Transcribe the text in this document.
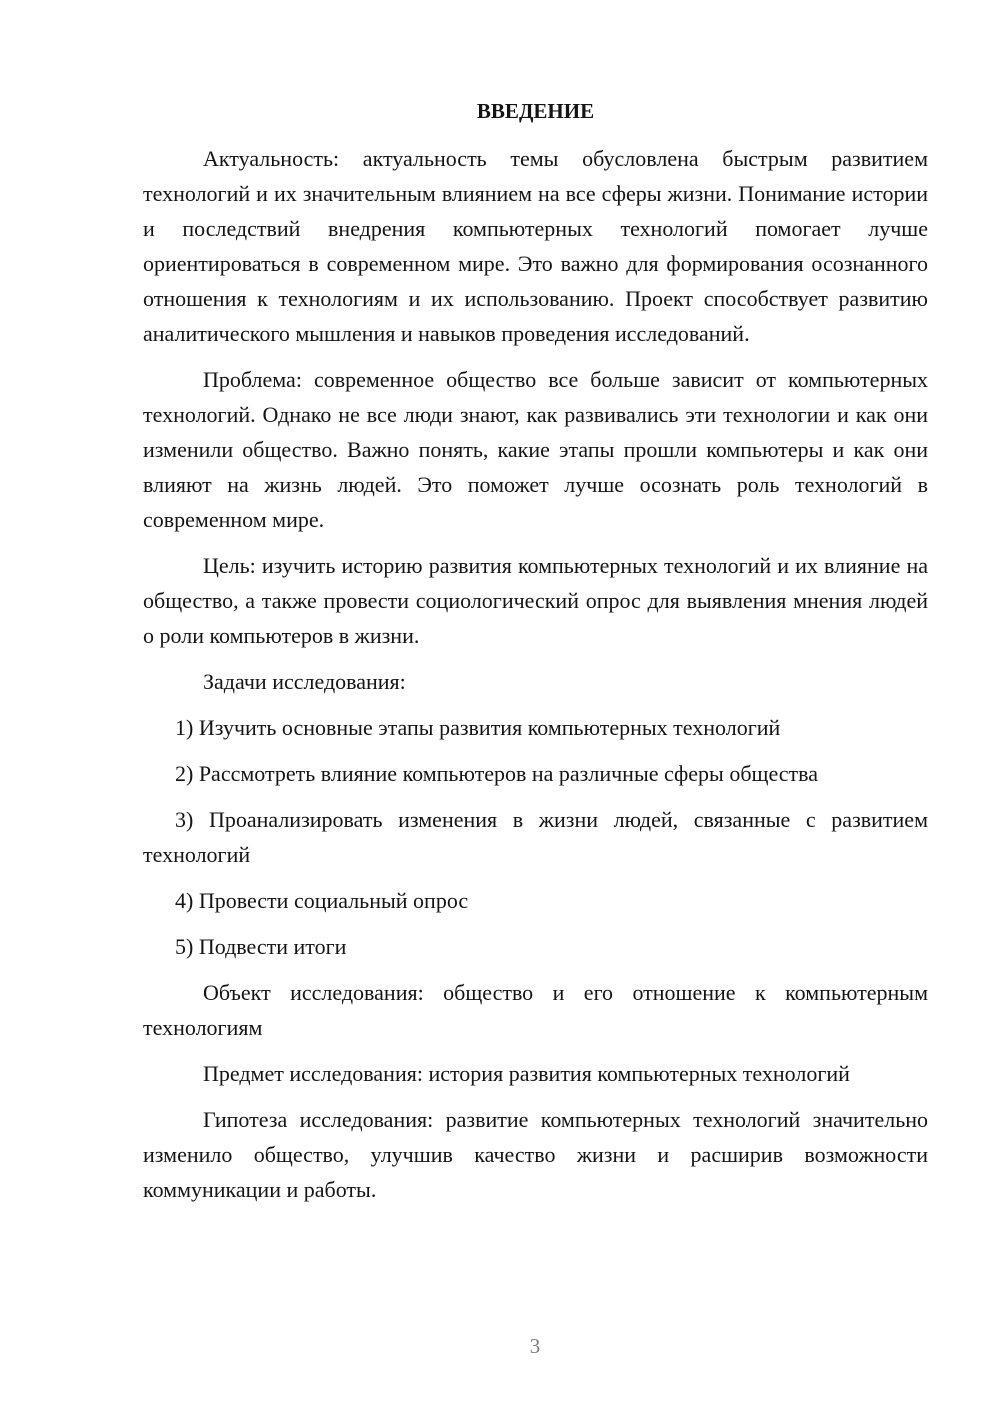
ВВЕДЕНИЕ

Актуальность: актуальность темы обусловлена быстрым развитием технологий и их значительным влиянием на все сферы жизни. Понимание истории и последствий внедрения компьютерных технологий помогает лучше ориентироваться в современном мире. Это важно для формирования осознанного отношения к технологиям и их использованию. Проект способствует развитию аналитического мышления и навыков проведения исследований.

Проблема: современное общество все больше зависит от компьютерных технологий. Однако не все люди знают, как развивались эти технологии и как они изменили общество. Важно понять, какие этапы прошли компьютеры и как они влияют на жизнь людей. Это поможет лучше осознать роль технологий в современном мире.

Цель: изучить историю развития компьютерных технологий и их влияние на общество, а также провести социологический опрос для выявления мнения людей о роли компьютеров в жизни.

Задачи исследования:

1) Изучить основные этапы развития компьютерных технологий

2) Рассмотреть влияние компьютеров на различные сферы общества

3) Проанализировать изменения в жизни людей, связанные с развитием технологий

4) Провести социальный опрос

5) Подвести итоги

Объект исследования: общество и его отношение к компьютерным технологиям

Предмет исследования: история развития компьютерных технологий

Гипотеза исследования: развитие компьютерных технологий значительно изменило общество, улучшив качество жизни и расширив возможности коммуникации и работы.

3
